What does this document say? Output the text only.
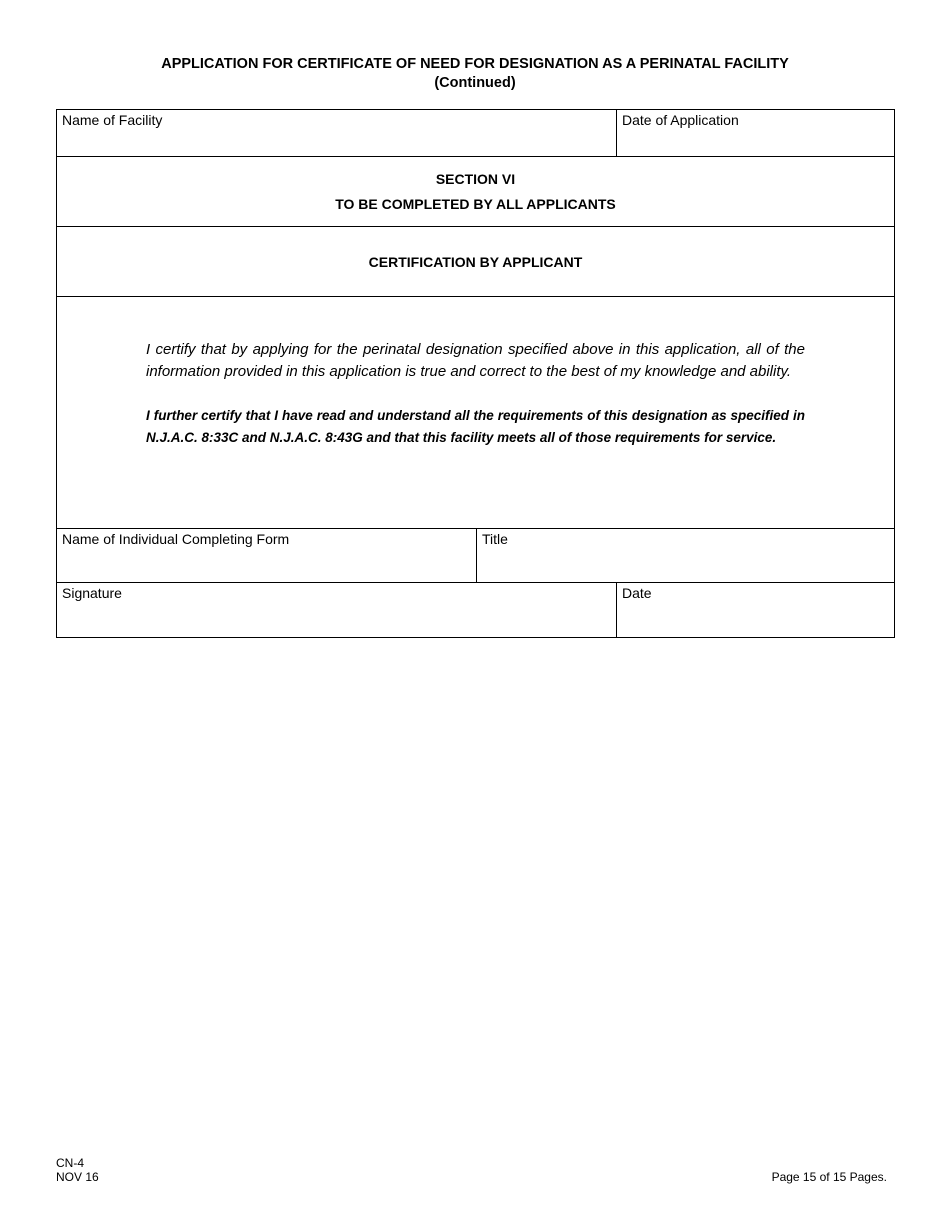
APPLICATION FOR CERTIFICATE OF NEED FOR DESIGNATION AS A PERINATAL FACILITY
(Continued)
Name of Facility	Date of Application
SECTION VI
TO BE COMPLETED BY ALL APPLICANTS
CERTIFICATION BY APPLICANT

I certify that by applying for the perinatal designation specified above in this application, all of the information provided in this application is true and correct to the best of my knowledge and ability.

I further certify that I have read and understand all the requirements of this designation as specified in N.J.A.C. 8:33C and N.J.A.C. 8:43G and that this facility meets all of those requirements for service.

Name of Individual Completing Form	Title
Signature	Date
CN-4
NOV 16	Page 15 of 15 Pages.
